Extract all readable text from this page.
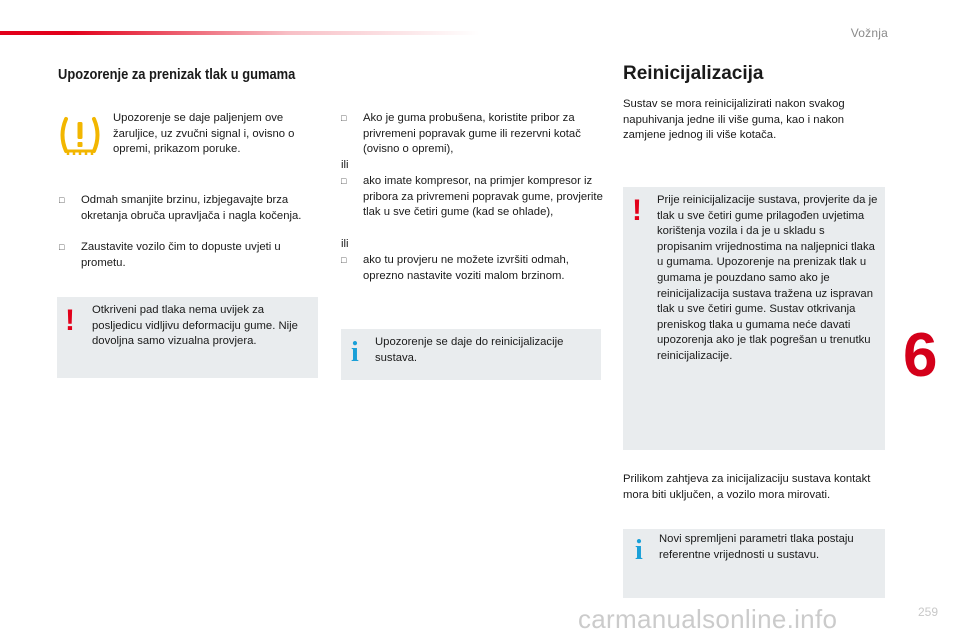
Vožnja
Upozorenje za prenizak tlak u gumama

Upozorenje se daje paljenjem ove žaruljice, uz zvučni signal i, ovisno o opremi, prikazom poruke.

□	Odmah smanjite brzinu, izbjegavajte brza okretanja obruča upravljača i nagla kočenja.
□	Zaustavite vozilo čim to dopuste uvjeti u prometu.
! Otkriveni pad tlaka nema uvijek za posljedicu vidljivu deformaciju gume. Nije dovoljna samo vizualna provjera.

□	Ako je guma probušena, koristite pribor za privremeni popravak gume ili rezervni kotač (ovisno o opremi),

ili

□	ako imate kompresor, na primjer kompresor iz pribora za privremeni popravak gume, provjerite tlak u sve četiri gume (kad se ohlade),

ili

□	ako tu provjeru ne možete izvršiti odmah, oprezno nastavite voziti malom brzinom.
i Upozorenje se daje do reinicijalizacije sustava.

Reinicijalizacija

Sustav se mora reinicijalizirati nakon svakog napuhivanja jedne ili više guma, kao i nakon zamjene jednog ili više kotača.

! Prije reinicijalizacije sustava, provjerite da je tlak u sve četiri gume prilagođen uvjetima korištenja vozila i da je u skladu s propisanim vrijednostima na naljepnici tlaka u gumama. Upozorenje na prenizak tlak u gumama je pouzdano samo ako je reinicijalizacija sustava tražena uz ispravan tlak u sve četiri gume. Sustav otkrivanja preniskog tlaka u gumama neće davati upozorenja ako je tlak pogrešan u trenutku reinicijalizacije.

Prilikom zahtjeva za inicijalizaciju sustava kontakt mora biti uključen, a vozilo mora mirovati.

i Novi spremljeni parametri tlaka postaju referentne vrijednosti u sustavu.

6
carmanualsonline.info	259
